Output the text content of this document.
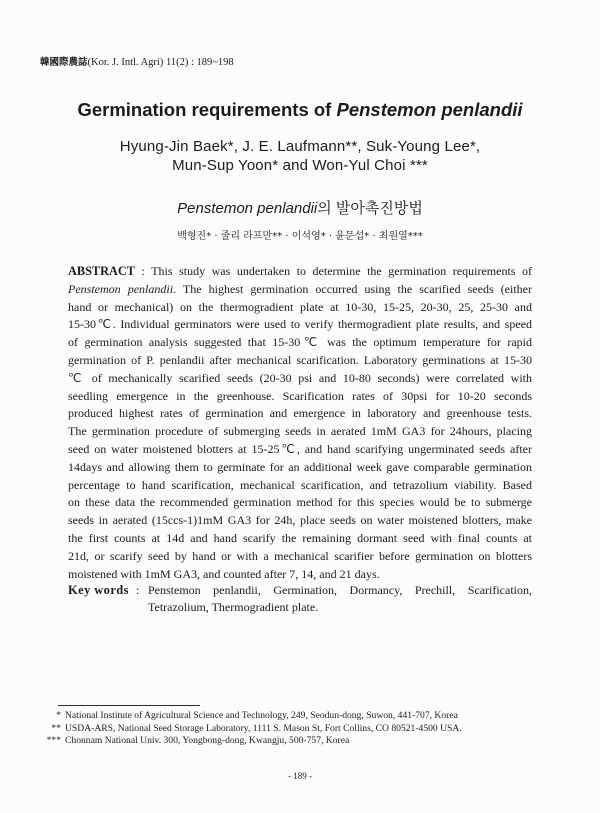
韓國際農誌(Kor. J. Intl. Agri) 11(2) : 189~198
Germination requirements of Penstemon penlandii
Hyung-Jin Baek*, J. E. Laufmann**, Suk-Young Lee*,
Mun-Sup Yoon* and Won-Yul Choi ***
Penstemon penlandii의 발아촉진방법
백형진* · 줄리 라프만** · 이석영* · 윤문섭* · 최원열***
ABSTRACT : This study was undertaken to determine the germination requirements of
Penstemon penlandii. The highest germination occurred using the scarified seeds (either
hand or mechanical) on the thermogradient plate at 10-30, 15-25, 20-30, 25, 25-30 and
15-30℃. Individual germinators were used to verify thermogradient plate results, and speed
of germination analysis suggested that 15-30℃ was the optimum temperature for rapid
germination of P. penlandii after mechanical scarification. Laboratory germinations at 15-30
℃ of mechanically scarified seeds (20-30 psi and 10-80 seconds) were correlated with
seedling emergence in the greenhouse. Scarification rates of 30psi for 10-20 seconds
produced highest rates of germination and emergence in laboratory and greenhouse tests.
The germination procedure of submerging seeds in aerated 1mM GA3 for 24hours, placing
seed on water moistened blotters at 15-25℃, and hand scarifying ungerminated seeds after
14days and allowing them to germinate for an additional week gave comparable germination
percentage to hand scarification, mechanical scarification, and tetrazolium viability. Based
on these data the recommended germination method for this species would be to submerge
seeds in aerated (15ccs-1)1mM GA3 for 24h, place seeds on water moistened blotters, make
the first counts at 14d and hand scarify the remaining dormant seed with final counts at
21d, or scarify seed by hand or with a mechanical scarifier before germination on blotters
moistened with 1mM GA3, and counted after 7, 14, and 21 days.
Key words : Penstemon penlandii, Germination, Dormancy, Prechill, Scarification,
Tetrazolium, Thermogradient plate.
* National Institute of Agricultural Science and Technology, 249, Seodun-dong, Suwon, 441-707, Korea
** USDA-ARS, National Seed Storage Laboratory, 1111 S. Mason St, Fort Collins, CO 80521-4500 USA.
*** Chonnam National Univ. 300, Yongbong-dong, Kwangju, 500-757, Korea
- 189 -
